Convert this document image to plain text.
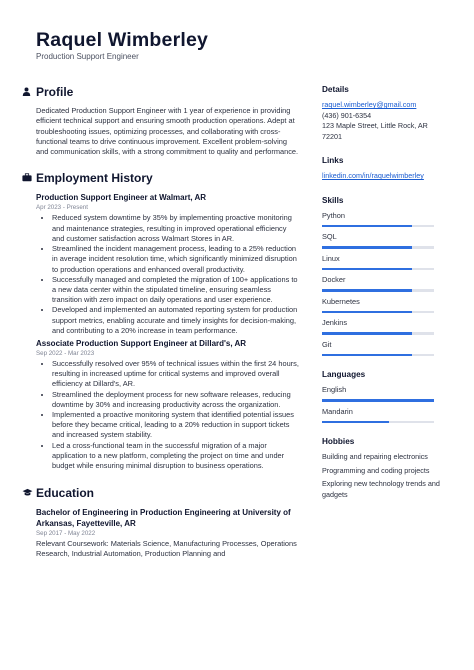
Raquel Wimberley
Production Support Engineer
Profile
Dedicated Production Support Engineer with 1 year of experience in providing efficient technical support and ensuring smooth production operations. Adept at troubleshooting issues, optimizing processes, and collaborating with cross-functional teams to drive continuous improvement. Excellent problem-solving and communication skills, with a strong commitment to quality and performance.
Employment History
Production Support Engineer at Walmart, AR
Apr 2023 - Present
• Reduced system downtime by 35% by implementing proactive monitoring and maintenance strategies, resulting in improved operational efficiency and customer satisfaction across Walmart Stores in AR.
• Streamlined the incident management process, leading to a 25% reduction in average incident resolution time, which significantly minimized disruption to production operations and enhanced overall productivity.
• Successfully managed and completed the migration of 100+ applications to a new data center within the stipulated timeline, ensuring seamless transition with zero impact on daily operations and user experience.
• Developed and implemented an automated reporting system for production support metrics, enabling accurate and timely insights for decision-making, and contributing to a 20% increase in team performance.
Associate Production Support Engineer at Dillard's, AR
Sep 2022 - Mar 2023
• Successfully resolved over 95% of technical issues within the first 24 hours, resulting in increased uptime for critical systems and improved overall efficiency at Dillard's, AR.
• Streamlined the deployment process for new software releases, reducing downtime by 30% and increasing productivity across the organization.
• Implemented a proactive monitoring system that identified potential issues before they became critical, leading to a 20% reduction in support tickets and increased system stability.
• Led a cross-functional team in the successful migration of a major application to a new platform, completing the project on time and under budget while ensuring minimal disruption to business operations.
Education
Bachelor of Engineering in Production Engineering at University of Arkansas, Fayetteville, AR
Sep 2017 - May 2022
Relevant Coursework: Materials Science, Manufacturing Processes, Operations Research, Industrial Automation, Production Planning and
Details
raquel.wimberley@gmail.com
(436) 901-6354
123 Maple Street, Little Rock, AR 72201
Links
linkedin.com/in/raquelwimberley
Skills
Python
SQL
Linux
Docker
Kubernetes
Jenkins
Git
Languages
English
Mandarin
Hobbies
Building and repairing electronics
Programming and coding projects
Exploring new technology trends and gadgets
